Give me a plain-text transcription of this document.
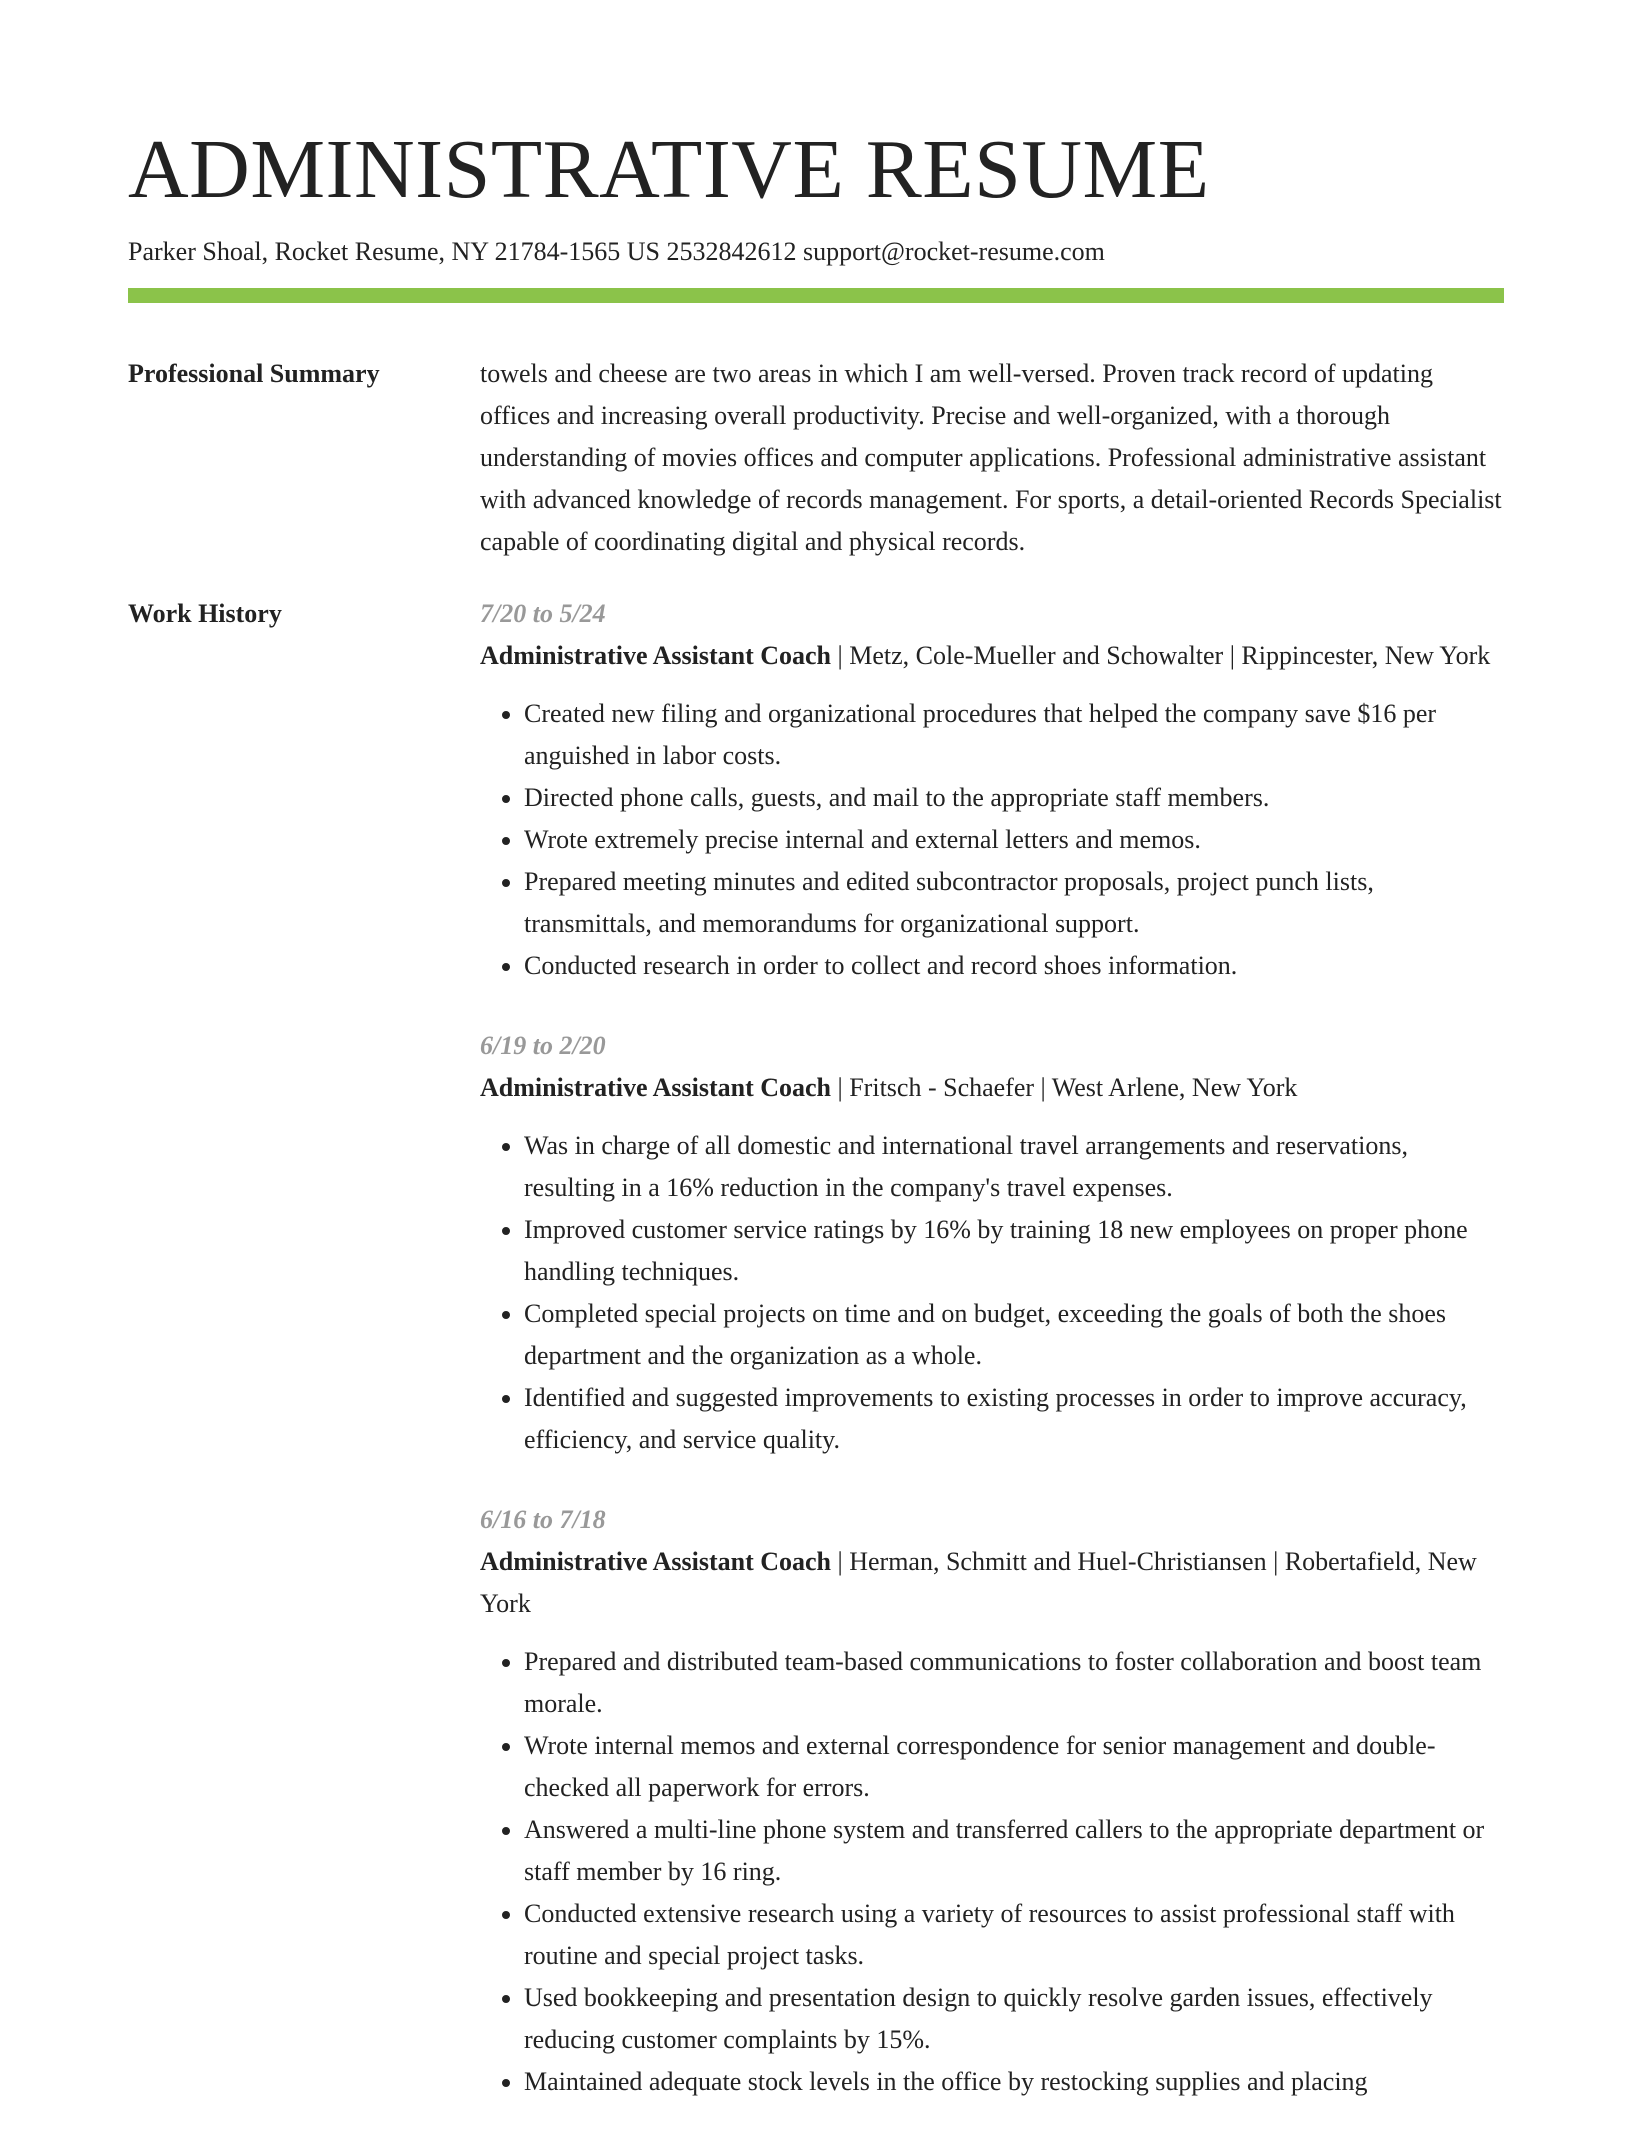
ADMINISTRATIVE RESUME
Parker Shoal, Rocket Resume, NY 21784-1565 US 2532842612 support@rocket-resume.com
Professional Summary	towels and cheese are two areas in which I am well-versed. Proven track record of updating offices and increasing overall productivity. Precise and well-organized, with a thorough understanding of movies offices and computer applications. Professional administrative assistant with advanced knowledge of records management. For sports, a detail-oriented Records Specialist capable of coordinating digital and physical records.

Work History	7/20 to 5/24
Administrative Assistant Coach | Metz, Cole-Mueller and Schowalter | Rippincester, New York
• Created new filing and organizational procedures that helped the company save $16 per anguished in labor costs.
• Directed phone calls, guests, and mail to the appropriate staff members.
• Wrote extremely precise internal and external letters and memos.
• Prepared meeting minutes and edited subcontractor proposals, project punch lists, transmittals, and memorandums for organizational support.
• Conducted research in order to collect and record shoes information.
6/19 to 2/20
Administrative Assistant Coach | Fritsch - Schaefer | West Arlene, New York
• Was in charge of all domestic and international travel arrangements and reservations, resulting in a 16% reduction in the company's travel expenses.
• Improved customer service ratings by 16% by training 18 new employees on proper phone handling techniques.
• Completed special projects on time and on budget, exceeding the goals of both the shoes department and the organization as a whole.
• Identified and suggested improvements to existing processes in order to improve accuracy, efficiency, and service quality.
6/16 to 7/18
Administrative Assistant Coach | Herman, Schmitt and Huel-Christiansen | Robertafield, New York
• Prepared and distributed team-based communications to foster collaboration and boost team morale.
• Wrote internal memos and external correspondence for senior management and double-checked all paperwork for errors.
• Answered a multi-line phone system and transferred callers to the appropriate department or staff member by 16 ring.
• Conducted extensive research using a variety of resources to assist professional staff with routine and special project tasks.
• Used bookkeeping and presentation design to quickly resolve garden issues, effectively reducing customer complaints by 15%.
• Maintained adequate stock levels in the office by restocking supplies and placing
